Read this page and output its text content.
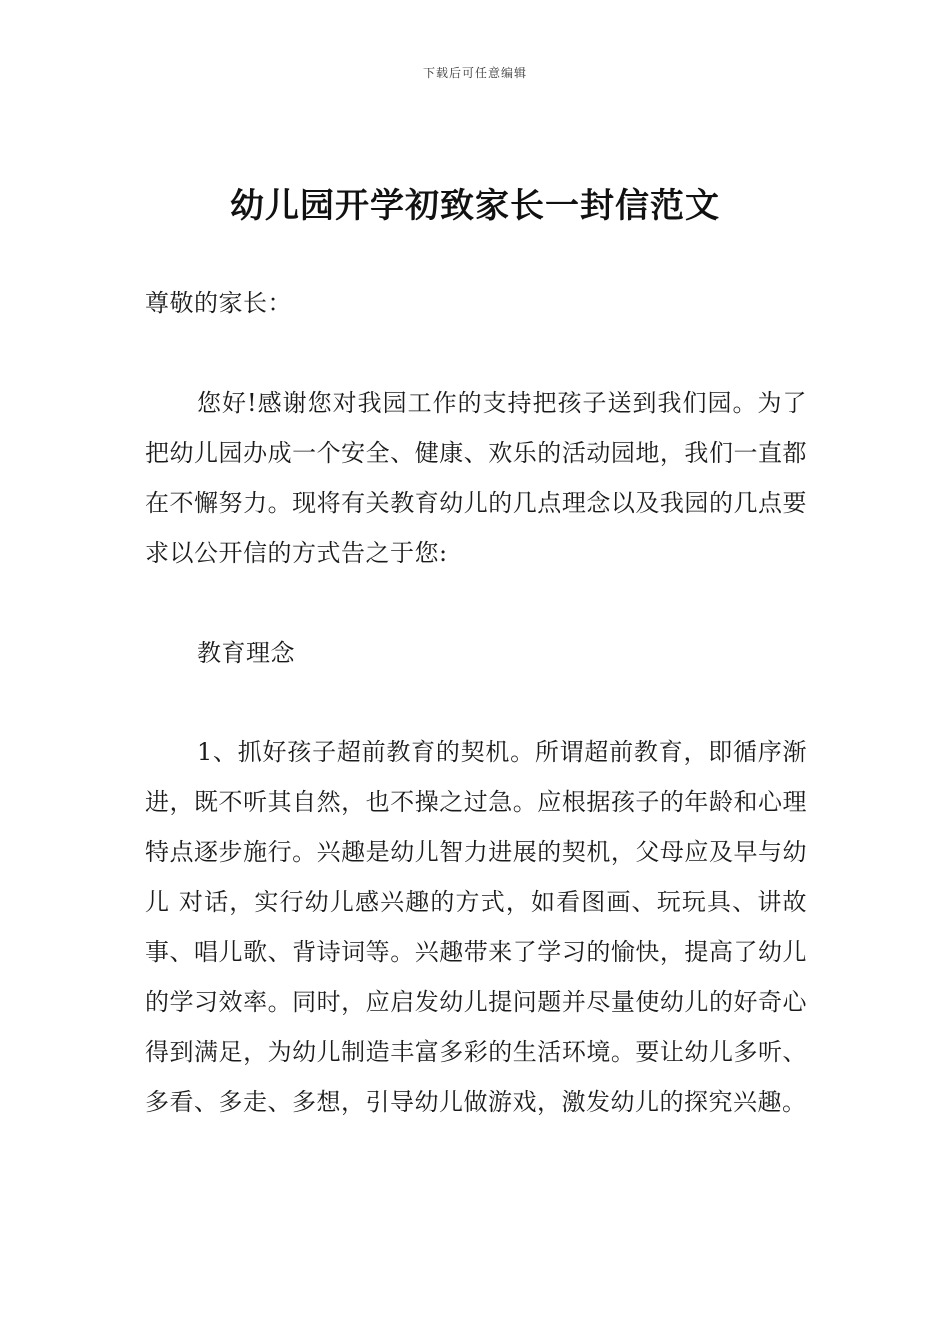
下载后可任意编辑
幼儿园开学初致家长一封信范文
尊敬的家长：
您好!感谢您对我园工作的支持把孩子送到我们园。为了把幼儿园办成一个安全、健康、欢乐的活动园地，我们一直都在不懈努力。现将有关教育幼儿的几点理念以及我园的几点要求以公开信的方式告之于您:
教育理念
1、抓好孩子超前教育的契机。所谓超前教育，即循序渐进，既不听其自然，也不操之过急。应根据孩子的年龄和心理特点逐步施行。兴趣是幼儿智力进展的契机，父母应及早与幼儿 对话，实行幼儿感兴趣的方式，如看图画、玩玩具、讲故事、唱儿歌、背诗词等。兴趣带来了学习的愉快，提高了幼儿的学习效率。同时，应启发幼儿提问题并尽量使幼儿的好奇心得到满足，为幼儿制造丰富多彩的生活环境。要让幼儿多听、多看、多走、多想，引导幼儿做游戏，激发幼儿的探究兴趣。
